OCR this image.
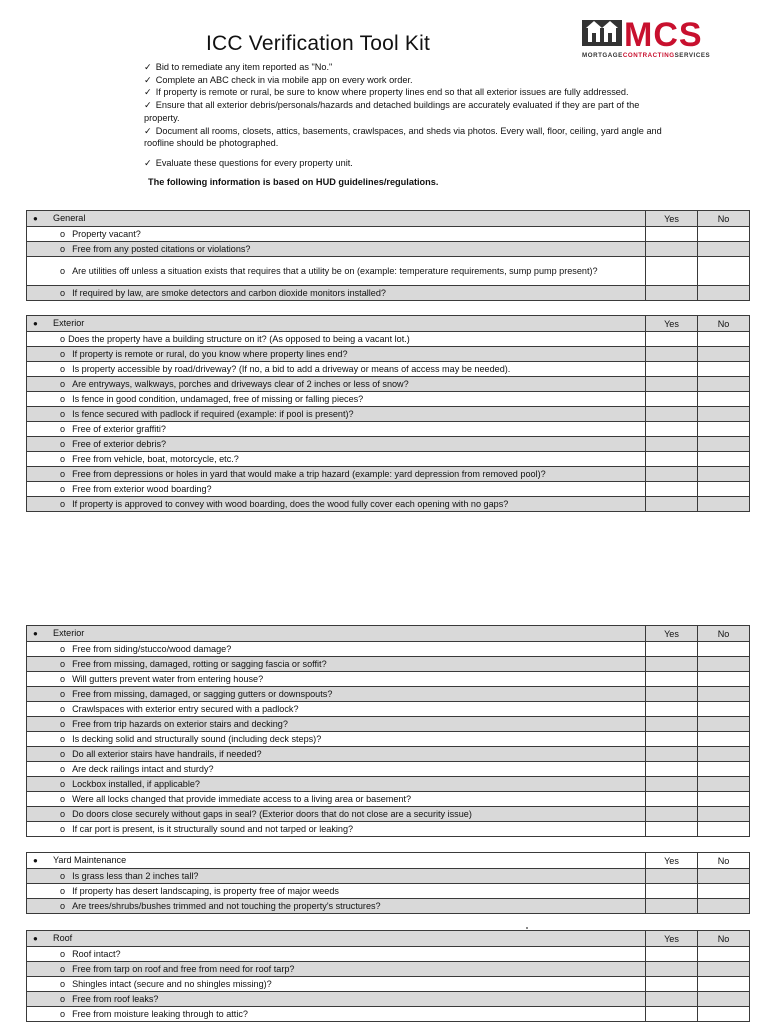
ICC Verification Tool Kit	MCS
MORTGAGECONTRACTINGSERVICES
✓ Bid to remediate any item reported as "No."
✓ Complete an ABC check in via mobile app on every work order.
✓ If property is remote or rural, be sure to know where property lines end so that all exterior issues are fully addressed.
✓ Ensure that all exterior debris/personals/hazards and detached buildings are accurately evaluated if they are part of the property.
✓ Document all rooms, closets, attics, basements, crawlspaces, and sheds via photos. Every wall, floor, ceiling, yard angle and roofline should be photographed.
✓ Evaluate these questions for every property unit.
The following information is based on HUD guidelines/regulations.
● General	Yes	No
o Property vacant?		
o Free from any posted citations or violations?		
o Are utilities off unless a situation exists that requires that a utility be on (example: temperature requirements, sump pump present)?		
o If required by law, are smoke detectors and carbon dioxide monitors installed?		
● Exterior	Yes	No
o Does the property have a building structure on it? (As opposed to being a vacant lot.)		
o If property is remote or rural, do you know where property lines end?		
o Is property accessible by road/driveway? (If no, a bid to add a driveway or means of access may be needed).		
o Are entryways, walkways, porches and driveways clear of 2 inches or less of snow?		
o Is fence in good condition, undamaged, free of missing or falling pieces?		
o Is fence secured with padlock if required (example: if pool is present)?		
o Free of exterior graffiti?		
o Free of exterior debris?		
o Free from vehicle, boat, motorcycle, etc.?		
o Free from depressions or holes in yard that would make a trip hazard (example: yard depression from removed pool)?		
o Free from exterior wood boarding?		
o If property is approved to convey with wood boarding, does the wood fully cover each opening with no gaps?		
● Exterior	Yes	No
o Free from siding/stucco/wood damage?		
o Free from missing, damaged, rotting or sagging fascia or soffit?		
o Will gutters prevent water from entering house?		
o Free from missing, damaged, or sagging gutters or downspouts?		
o Crawlspaces with exterior entry secured with a padlock?		
o Free from trip hazards on exterior stairs and decking?		
o Is decking solid and structurally sound (including deck steps)?		
o Do all exterior stairs have handrails, if needed?		
o Are deck railings intact and sturdy?		
o Lockbox installed, if applicable?		
o Were all locks changed that provide immediate access to a living area or basement?		
o Do doors close securely without gaps in seal? (Exterior doors that do not close are a security issue)		
o If car port is present, is it structurally sound and not tarped or leaking?		
● Yard Maintenance	Yes	No
o Is grass less than 2 inches tall?		
o If property has desert landscaping, is property free of major weeds		
o Are trees/shrubs/bushes trimmed and not touching the property's structures?		
● Roof	Yes	No
o Roof intact?		
o Free from tarp on roof and free from need for roof tarp?		
o Shingles intact (secure and no shingles missing)?		
o Free from roof leaks?		
o Free from moisture leaking through to attic?		
